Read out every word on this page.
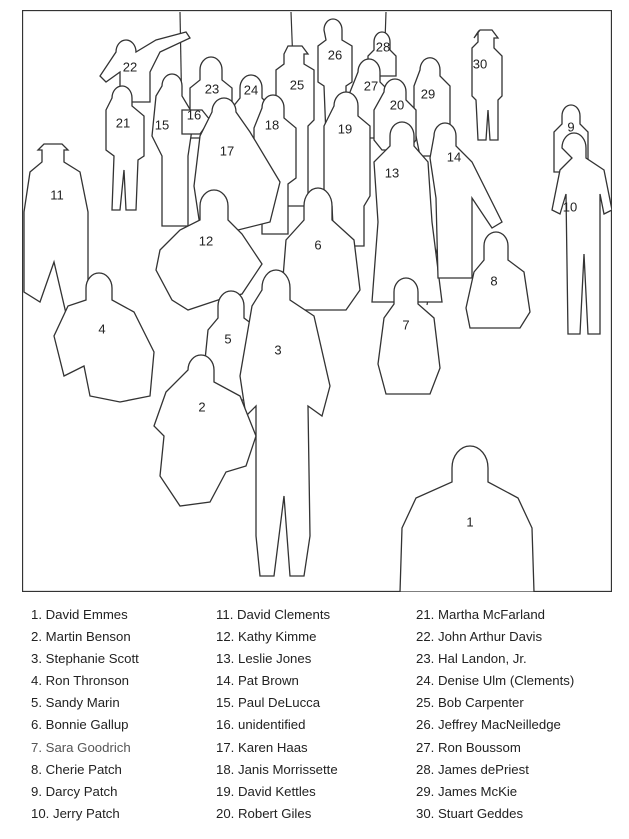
1
2
3
4
5
6
7
8
9
10
11
12
13
14
15
16
17
18	19
20
21
22
23 24 25
26
27
28
29
30
1. David Emmes
2. Martin Benson
3. Stephanie Scott
4. Ron Thronson
5. Sandy Marin
6. Bonnie Gallup
7. Sara Goodrich
8. Cherie Patch
9. Darcy Patch
10. Jerry Patch
11. David Clements
12. Kathy Kimme
13. Leslie Jones
14. Pat Brown
15. Paul DeLucca
16. unidentified
17. Karen Haas
18. Janis Morrissette
19. David Kettles
20. Robert Giles
21. Martha McFarland
22. John Arthur Davis
23. Hal Landon, Jr.
24. Denise Ulm (Clements)
25. Bob Carpenter
26. Jeffrey MacNeilledge
27. Ron Boussom
28. James dePriest
29. James McKie
30. Stuart Geddes
